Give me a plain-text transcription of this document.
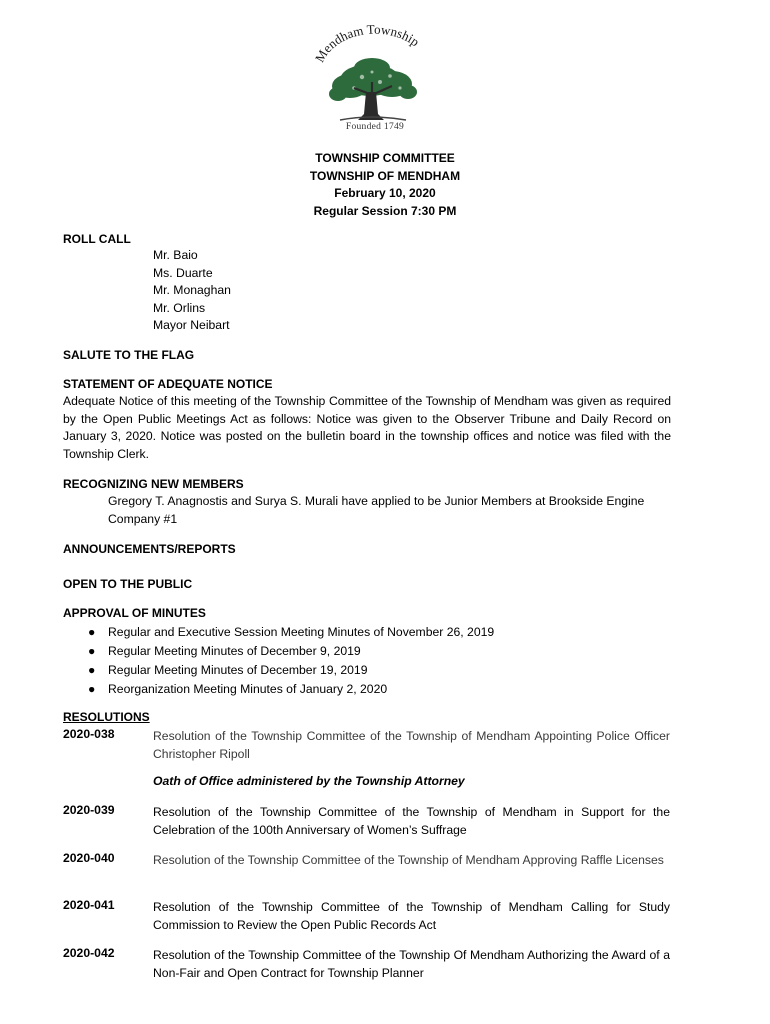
Mendham Township
Founded 1749
TOWNSHIP COMMITTEE
TOWNSHIP OF MENDHAM
February 10, 2020
Regular Session 7:30 PM
ROLL CALL
Mr. Baio
Ms. Duarte
Mr. Monaghan
Mr. Orlins
Mayor Neibart
SALUTE TO THE FLAG
STATEMENT OF ADEQUATE NOTICE
Adequate Notice of this meeting of the Township Committee of the Township of Mendham was given as required by the Open Public Meetings Act as follows: Notice was given to the Observer Tribune and Daily Record on January 3, 2020. Notice was posted on the bulletin board in the township offices and notice was filed with the Township Clerk.
RECOGNIZING NEW MEMBERS
Gregory T. Anagnostis and Surya S. Murali have applied to be Junior Members at Brookside Engine Company #1
ANNOUNCEMENTS/REPORTS
OPEN TO THE PUBLIC
APPROVAL OF MINUTES
● Regular and Executive Session Meeting Minutes of November 26, 2019
● Regular Meeting Minutes of December 9, 2019
● Regular Meeting Minutes of December 19, 2019
● Reorganization Meeting Minutes of January 2, 2020
RESOLUTIONS
2020-038	Resolution of the Township Committee of the Township of Mendham Appointing Police Officer Christopher Ripoll
Oath of Office administered by the Township Attorney
2020-039	Resolution of the Township Committee of the Township of Mendham in Support for the Celebration of the 100th Anniversary of Women’s Suffrage
2020-040	Resolution of the Township Committee of the Township of Mendham Approving Raffle Licenses
2020-041	Resolution of the Township Committee of the Township of Mendham Calling for Study Commission to Review the Open Public Records Act
2020-042	Resolution of the Township Committee of the Township Of Mendham Authorizing the Award of a Non-Fair and Open Contract for Township Planner
